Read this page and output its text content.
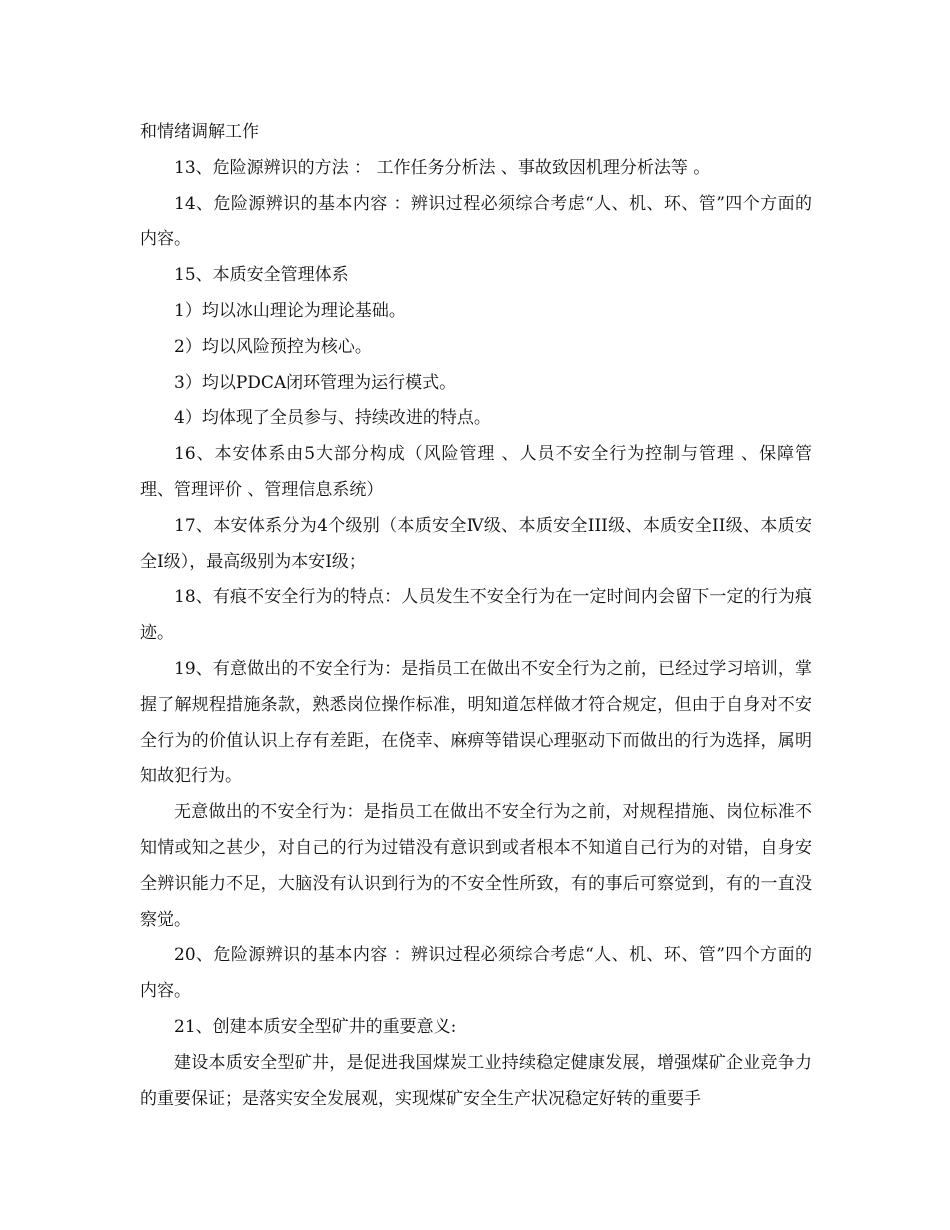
和情绪调解工作

13、危险源辨识的方法 ： 工作任务分析法 、事故致因机理分析法等 。

14、危险源辨识的基本内容 ：辨识过程必须综合考虑“人、机、环、管”四个方面的内容。

15、本质安全管理体系

1）均以冰山理论为理论基础。

2）均以风险预控为核心。

3）均以PDCA闭环管理为运行模式。

4）均体现了全员参与、持续改进的特点。

16、本安体系由5大部分构成（风险管理 、人员不安全行为控制与管理 、保障管理、管理评价 、管理信息系统）

17、本安体系分为4个级别（本质安全Ⅳ级、本质安全III级、本质安全II级、本质安全Ⅰ级），最高级别为本安Ⅰ级；

18、有痕不安全行为的特点：人员发生不安全行为在一定时间内会留下一定的行为痕迹。

19、有意做出的不安全行为：是指员工在做出不安全行为之前，已经过学习培训，掌握了解规程措施条款，熟悉岗位操作标准，明知道怎样做才符合规定，但由于自身对不安全行为的价值认识上存有差距，在侥幸、麻痹等错误心理驱动下而做出的行为选择，属明知故犯行为。

无意做出的不安全行为：是指员工在做出不安全行为之前，对规程措施、岗位标准不知情或知之甚少，对自己的行为过错没有意识到或者根本不知道自己行为的对错，自身安全辨识能力不足，大脑没有认识到行为的不安全性所致，有的事后可察觉到，有的一直没察觉。

20、危险源辨识的基本内容 ：辨识过程必须综合考虑“人、机、环、管”四个方面的内容。

21、创建本质安全型矿井的重要意义:

建设本质安全型矿井，是促进我国煤炭工业持续稳定健康发展，增强煤矿企业竞争力的重要保证；是落实安全发展观，实现煤矿安全生产状况稳定好转的重要手
